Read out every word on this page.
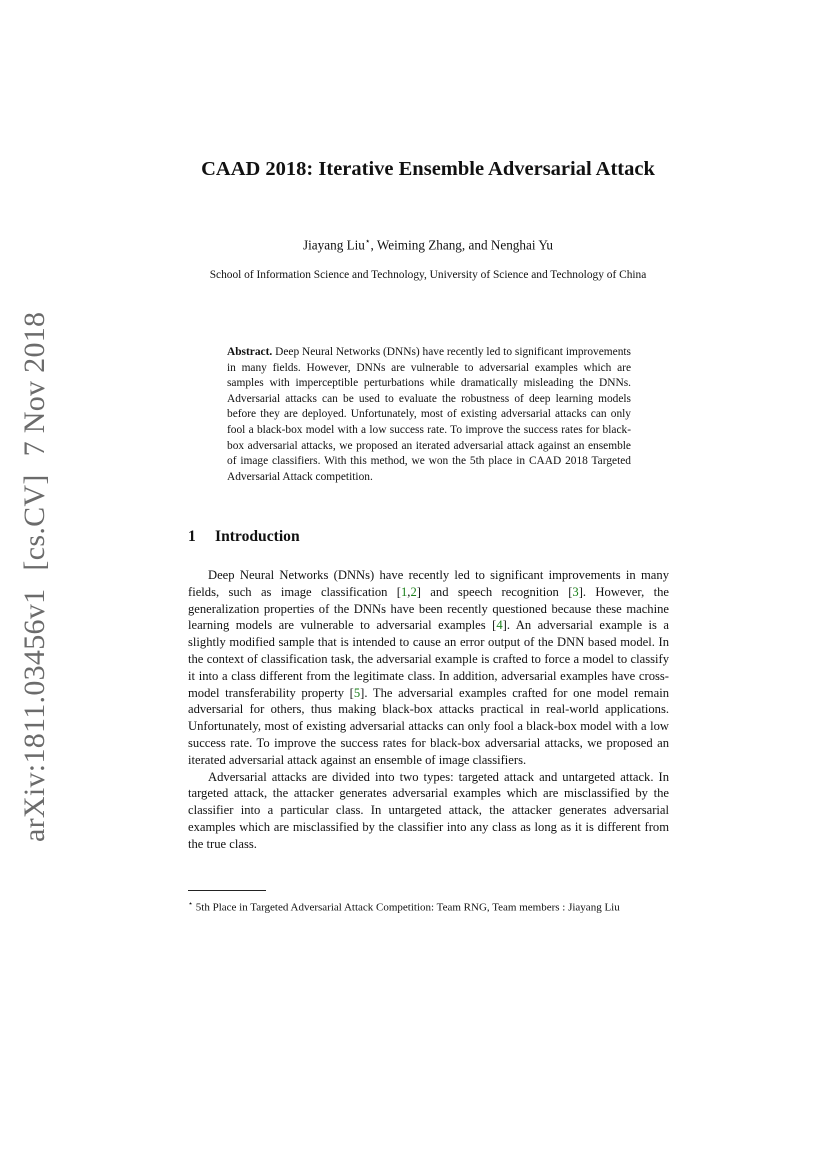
arXiv:1811.03456v1[cs.CV]7 Nov 2018
CAAD 2018: Iterative Ensemble Adversarial Attack
Jiayang Liu⋆, Weiming Zhang, and Nenghai Yu
School of Information Science and Technology, University of Science and Technology of China
Abstract. Deep Neural Networks (DNNs) have recently led to significant improvements in many fields. However, DNNs are vulnerable to adversarial examples which are samples with imperceptible perturbations while dramatically misleading the DNNs. Adversarial attacks can be used to evaluate the robustness of deep learning models before they are deployed. Unfortunately, most of existing adversarial attacks can only fool a black-box model with a low success rate. To improve the success rates for black-box adversarial attacks, we proposed an iterated adversarial attack against an ensemble of image classifiers. With this method, we won the 5th place in CAAD 2018 Targeted Adversarial Attack competition.
1 Introduction

Deep Neural Networks (DNNs) have recently led to significant improvements in many fields, such as image classification [1,2] and speech recognition [3]. However, the generalization properties of the DNNs have been recently questioned because these machine learning models are vulnerable to adversarial examples [4]. An adversarial example is a slightly modified sample that is intended to cause an error output of the DNN based model. In the context of classification task, the adversarial example is crafted to force a model to classify it into a class different from the legitimate class. In addition, adversarial examples have cross-model transferability property [5]. The adversarial examples crafted for one model remain adversarial for others, thus making black-box attacks practical in real-world applications. Unfortunately, most of existing adversarial attacks can only fool a black-box model with a low success rate. To improve the success rates for black-box adversarial attacks, we proposed an iterated adversarial attack against an ensemble of image classifiers.

Adversarial attacks are divided into two types: targeted attack and untargeted attack. In targeted attack, the attacker generates adversarial examples which are misclassified by the classifier into a particular class. In untargeted attack, the attacker generates adversarial examples which are misclassified by the classifier into any class as long as it is different from the true class.

⋆ 5th Place in Targeted Adversarial Attack Competition: Team RNG, Team members : Jiayang Liu
